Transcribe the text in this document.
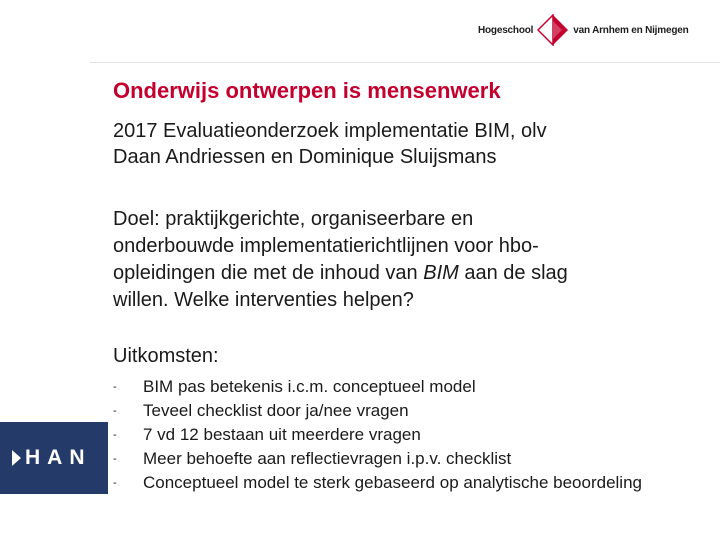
Hogeschool	van Arnhem en Nijmegen
Onderwijs ontwerpen is mensenwerk
2017 Evaluatieonderzoek implementatie BIM, olv
Daan Andriessen en Dominique Sluijsmans
Doel: praktijkgerichte, organiseerbare en
onderbouwde implementatierichtlijnen voor hbo-
opleidingen die met de inhoud van BIM aan de slag
willen. Welke interventies helpen?
Uitkomsten:
- BIM pas betekenis i.c.m. conceptueel model
- Teveel checklist door ja/nee vragen
- 7 vd 12 bestaan uit meerdere vragen
- Meer behoefte aan reflectievragen i.p.v. checklist
- Conceptueel model te sterk gebaseerd op analytische beoordeling
HAN
